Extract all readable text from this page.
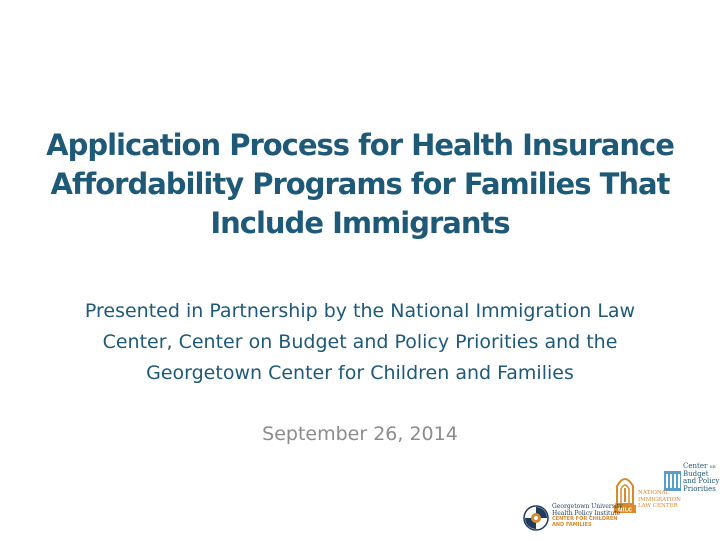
Application Process for Health Insurance
Affordability Programs for Families That
Include Immigrants

Presented in Partnership by the National Immigration Law
Center, Center on Budget and Policy Priorities and the
Georgetown Center for Children and Families

September 26, 2014
Center on
Budget
and Policy
Priorities
NILC
NATIONAL
IMMIGRATION
LAW CENTER
Georgetown University
Health Policy Institute
CENTER FOR CHILDREN
AND FAMILIES
